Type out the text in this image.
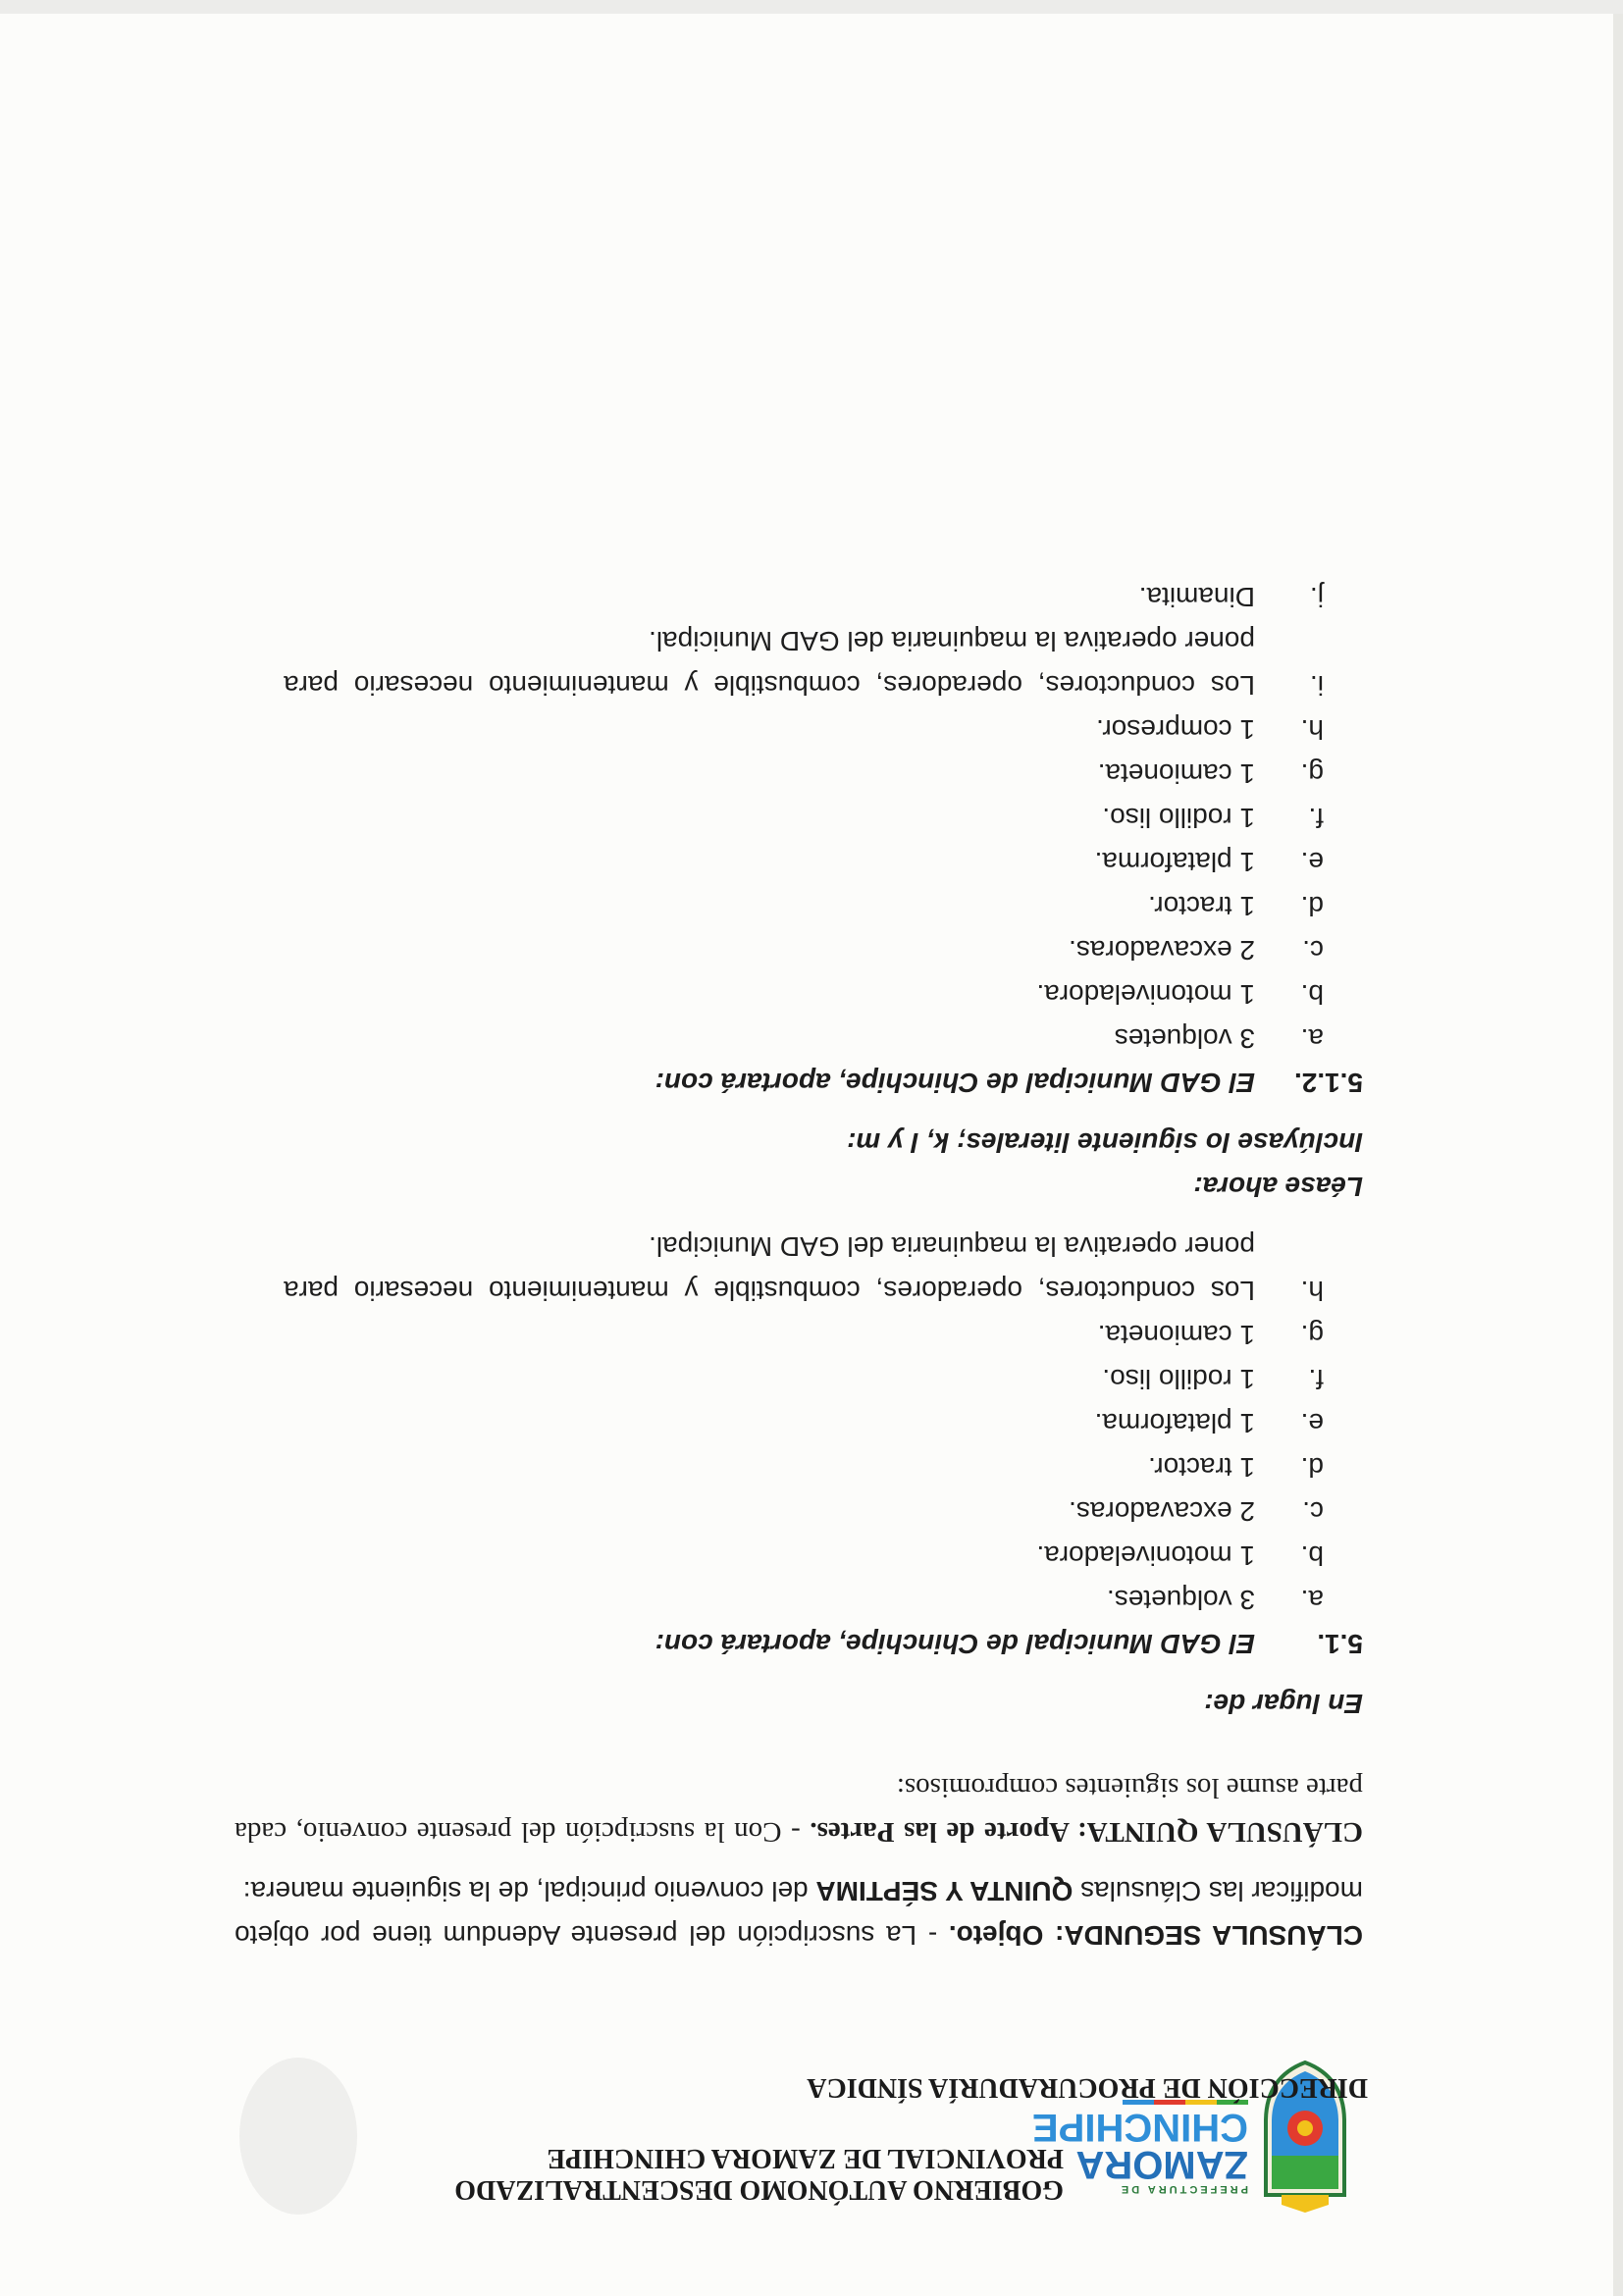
PREFECTURA DE
ZAMORA
CHINCHIPE
GOBIERNO AUTÓNOMO DESCENTRALIZADO
PROVINCIAL DE ZAMORA CHINCHIPE
DIRECCIÓN DE PROCURADURÍA SÍNDICA

CLÁUSULA SEGUNDA: Objeto. - La suscripción del presente Adendum tiene por objeto modificar las Cláusulas QUINTA Y SÉPTIMA del convenio principal, de la siguiente manera:

CLÁUSULA QUINTA: Aporte de las Partes. - Con la suscripción del presente convenio, cada parte asume los siguientes compromisos:

En lugar de:

5.1.El GAD Municipal de Chinchipe, aportará con:

a.
3 volquetes.
b.
1 motoniveladora.
c.
2 excavadoras.
d.
1 tractor.
e.
1 plataforma.
f.
1 rodillo liso.
g.
1 camioneta.
h.
Los conductores, operadores, combustible y mantenimiento necesario para poner operativa la maquinaria del GAD Municipal.

Léase ahora:

Inclúyase lo siguiente literales; k, l y m:

5.1.2.El GAD Municipal de Chinchipe, aportará con:

a.
3 volquetes
b.
1 motoniveladora.
c.
2 excavadoras.
d.
1 tractor.
e.
1 plataforma.
f.
1 rodillo liso.
g.
1 camioneta.
h.
1 compresor.
i.
Los conductores, operadores, combustible y mantenimiento necesario para poner operativa la maquinaria del GAD Municipal.
j.
Dinamita.
